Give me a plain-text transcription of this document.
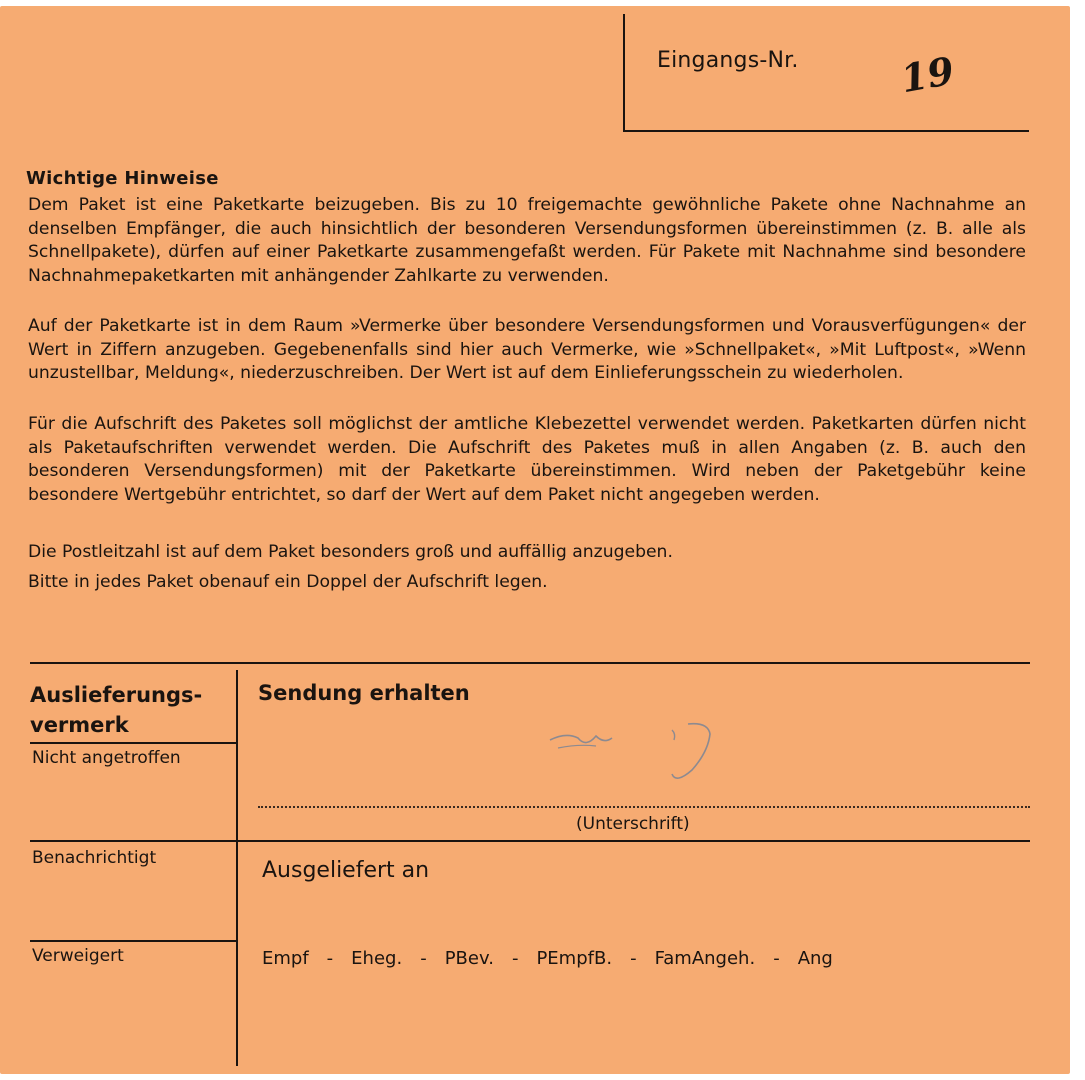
Eingangs-Nr.	19
Wichtige Hinweise

Dem Paket ist eine Paketkarte beizugeben. Bis zu 10 freigemachte gewöhnliche Pakete ohne Nachnahme an denselben Empfänger, die auch hinsichtlich der besonderen Versendungsformen übereinstimmen (z. B. alle als Schnellpakete), dürfen auf einer Paketkarte zusammengefaßt werden. Für Pakete mit Nachnahme sind besondere Nachnahmepaketkarten mit anhängender Zahlkarte zu verwenden.

Auf der Paketkarte ist in dem Raum »Vermerke über besondere Versendungsformen und Vorausverfügungen« der Wert in Ziffern anzugeben. Gegebenenfalls sind hier auch Vermerke, wie »Schnellpaket«, »Mit Luftpost«, »Wenn unzustellbar, Meldung«, niederzuschreiben. Der Wert ist auf dem Einlieferungsschein zu wiederholen.

Für die Aufschrift des Paketes soll möglichst der amtliche Klebezettel verwendet werden. Paketkarten dürfen nicht als Paketaufschriften verwendet werden. Die Aufschrift des Paketes muß in allen Angaben (z. B. auch den besonderen Versendungsformen) mit der Paketkarte übereinstimmen. Wird neben der Paketgebühr keine besondere Wertgebühr entrichtet, so darf der Wert auf dem Paket nicht angegeben werden.

Die Postleitzahl ist auf dem Paket besonders groß und auffällig anzugeben.

Bitte in jedes Paket obenauf ein Doppel der Aufschrift legen.

Auslieferungs-
vermerk
Nicht angetroffen
Benachrichtigt
Verweigert
Sendung erhalten
(Unterschrift)
Ausgeliefert an
Empf	-	Eheg.	-	PBev.	-	PEmpfB.	-	FamAngeh.	-	Ang
